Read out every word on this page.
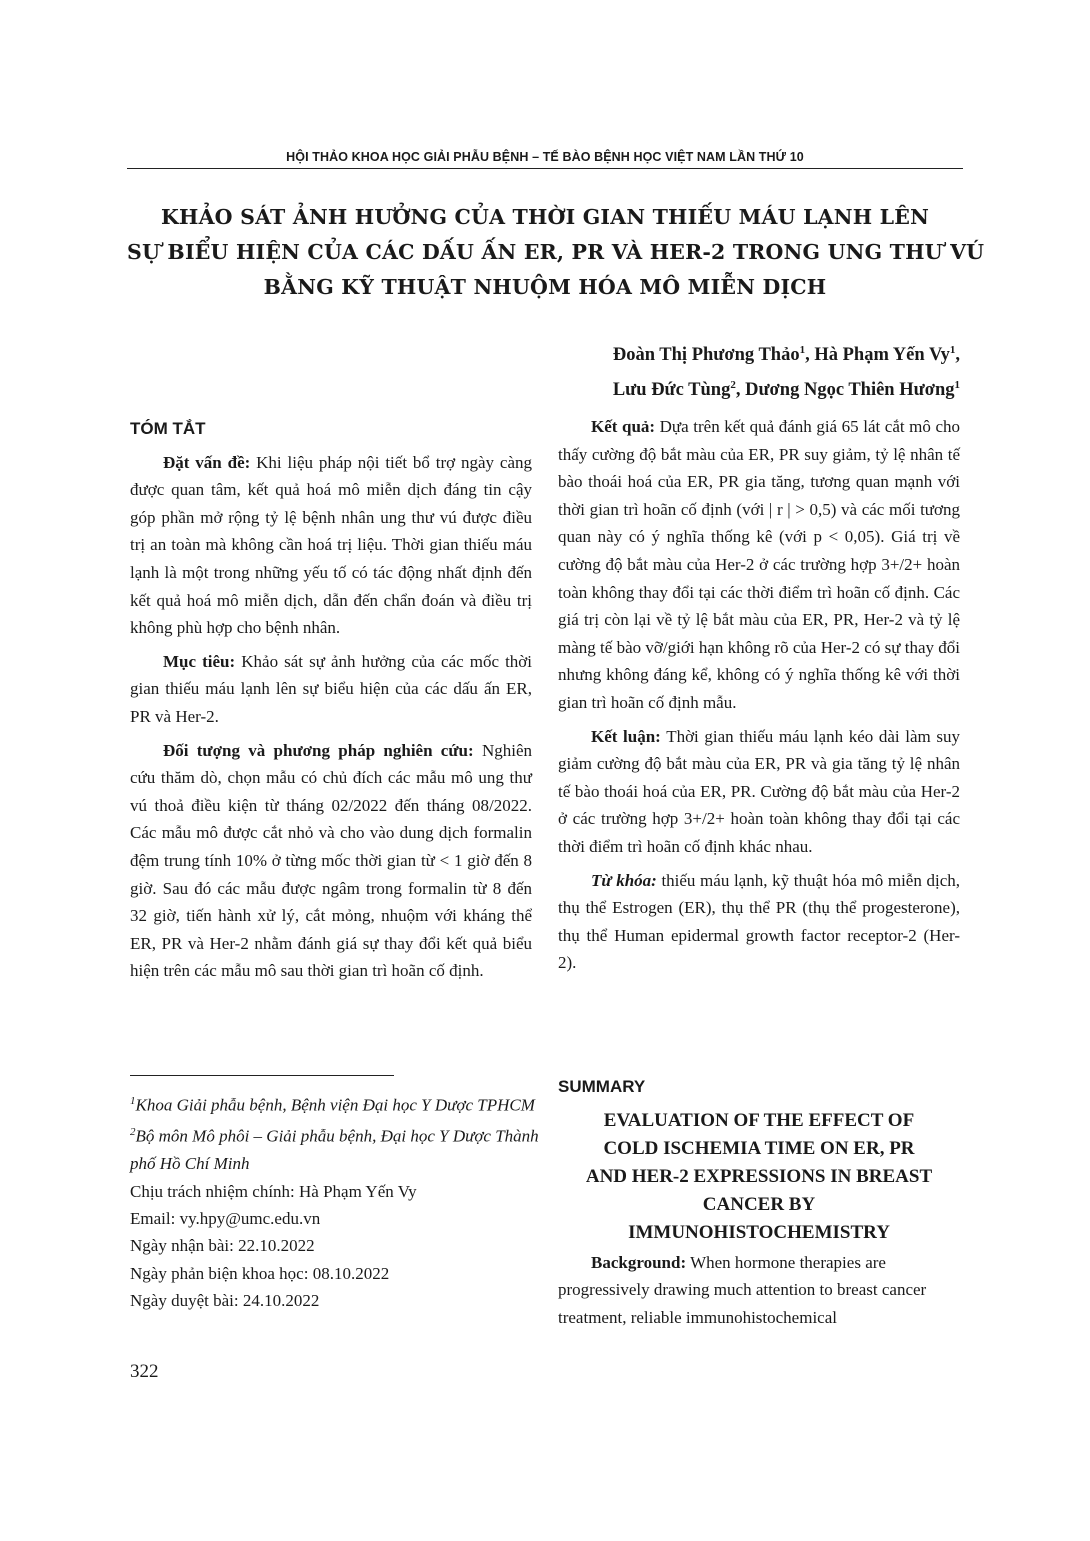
HỘI THẢO KHOA HỌC GIẢI PHẪU BỆNH – TẾ BÀO BỆNH HỌC VIỆT NAM LẦN THỨ 10
KHẢO SÁT ẢNH HƯỞNG CỦA THỜI GIAN THIẾU MÁU LẠNH LÊN
SỰ BIỂU HIỆN CỦA CÁC DẤU ẤN ER, PR VÀ HER-2 TRONG UNG THƯ VÚ
BẰNG KỸ THUẬT NHUỘM HÓA MÔ MIỄN DỊCH
Đoàn Thị Phương Thảo$^1$, Hà Phạm Yến Vy$^1$,
Lưu Đức Tùng$^2$, Dương Ngọc Thiên Hương$^1$
TÓM TẮT

Đặt vấn đề: Khi liệu pháp nội tiết bổ trợ ngày càng được quan tâm, kết quả hoá mô miễn dịch đáng tin cậy góp phần mở rộng tỷ lệ bệnh nhân ung thư vú được điều trị an toàn mà không cần hoá trị liệu. Thời gian thiếu máu lạnh là một trong những yếu tố có tác động nhất định đến kết quả hoá mô miễn dịch, dẫn đến chẩn đoán và điều trị không phù hợp cho bệnh nhân.

Mục tiêu: Khảo sát sự ảnh hưởng của các mốc thời gian thiếu máu lạnh lên sự biểu hiện của các dấu ấn ER, PR và Her-2.

Đối tượng và phương pháp nghiên cứu: Nghiên cứu thăm dò, chọn mẫu có chủ đích các mẫu mô ung thư vú thoả điều kiện từ tháng 02/2022 đến tháng 08/2022. Các mẫu mô được cắt nhỏ và cho vào dung dịch formalin đệm trung tính 10% ở từng mốc thời gian từ < 1 giờ đến 8 giờ. Sau đó các mẫu được ngâm trong formalin từ 8 đến 32 giờ, tiến hành xử lý, cắt mỏng, nhuộm với kháng thể ER, PR và Her-2 nhằm đánh giá sự thay đổi kết quả biểu hiện trên các mẫu mô sau thời gian trì hoãn cố định.

$^1$Khoa Giải phẫu bệnh, Bệnh viện Đại học Y Dược TPHCM
$^2$Bộ môn Mô phôi – Giải phẫu bệnh, Đại học Y Dược Thành phố Hồ Chí Minh
Chịu trách nhiệm chính: Hà Phạm Yến Vy
Email: vy.hpy@umc.edu.vn
Ngày nhận bài: 22.10.2022
Ngày phản biện khoa học: 08.10.2022
Ngày duyệt bài: 24.10.2022

Kết quả: Dựa trên kết quả đánh giá 65 lát cắt mô cho thấy cường độ bắt màu của ER, PR suy giảm, tỷ lệ nhân tế bào thoái hoá của ER, PR gia tăng, tương quan mạnh với thời gian trì hoãn cố định (với | r | > 0,5) và các mối tương quan này có ý nghĩa thống kê (với p < 0,05). Giá trị về cường độ bắt màu của Her-2 ở các trường hợp 3+/2+ hoàn toàn không thay đổi tại các thời điểm trì hoãn cố định. Các giá trị còn lại về tỷ lệ bắt màu của ER, PR, Her-2 và tỷ lệ màng tế bào vỡ/giới hạn không rõ của Her-2 có sự thay đổi nhưng không đáng kể, không có ý nghĩa thống kê với thời gian trì hoãn cố định mẫu.

Kết luận: Thời gian thiếu máu lạnh kéo dài làm suy giảm cường độ bắt màu của ER, PR và gia tăng tỷ lệ nhân tế bào thoái hoá của ER, PR. Cường độ bắt màu của Her-2 ở các trường hợp 3+/2+ hoàn toàn không thay đổi tại các thời điểm trì hoãn cố định khác nhau.

Từ khóa: thiếu máu lạnh, kỹ thuật hóa mô miễn dịch, thụ thể Estrogen (ER), thụ thể PR (thụ thể progesterone), thụ thể Human epidermal growth factor receptor-2 (Her-2).

SUMMARY
EVALUATION OF THE EFFECT OF
COLD ISCHEMIA TIME ON ER, PR
AND HER-2 EXPRESSIONS IN BREAST
CANCER BY
IMMUNOHISTOCHEMISTRY

Background: When hormone therapies are progressively drawing much attention to breast cancer treatment, reliable immunohistochemical

322
